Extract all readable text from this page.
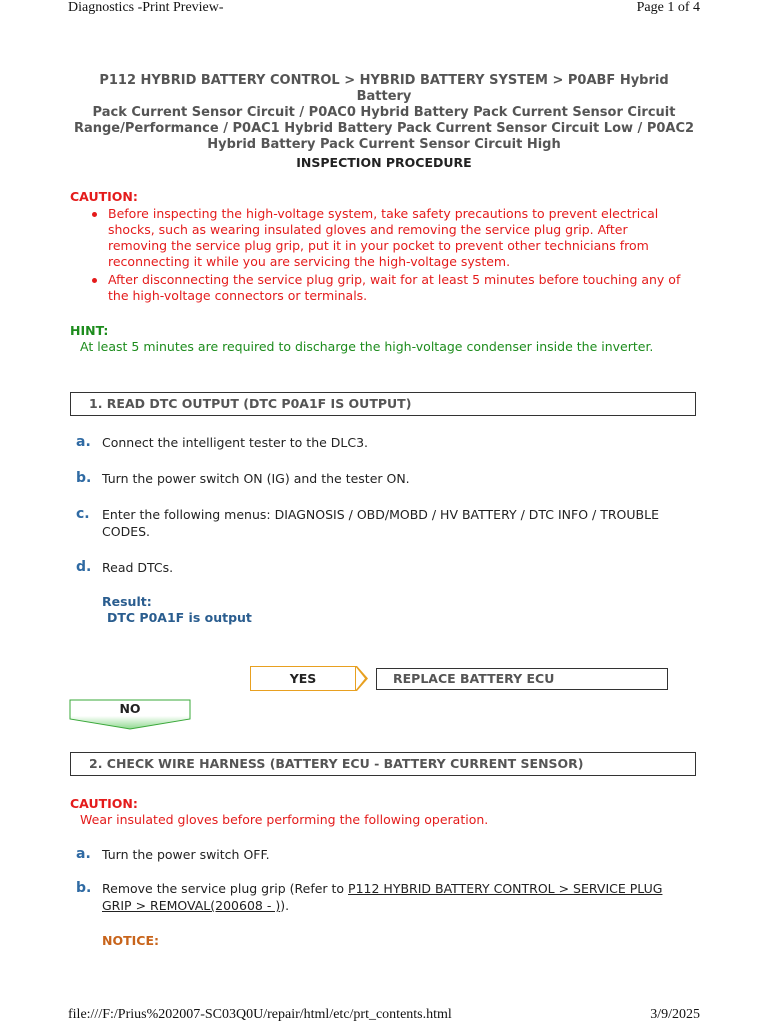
Diagnostics -Print Preview-	Page 1 of 4
P112 HYBRID BATTERY CONTROL > HYBRID BATTERY SYSTEM > P0ABF Hybrid Battery
Pack Current Sensor Circuit / P0AC0 Hybrid Battery Pack Current Sensor Circuit
Range/Performance / P0AC1 Hybrid Battery Pack Current Sensor Circuit Low / P0AC2
Hybrid Battery Pack Current Sensor Circuit High
INSPECTION PROCEDURE
CAUTION:
Before inspecting the high-voltage system, take safety precautions to prevent electrical shocks, such as wearing insulated gloves and removing the service plug grip. After removing the service plug grip, put it in your pocket to prevent other technicians from reconnecting it while you are servicing the high-voltage system.
After disconnecting the service plug grip, wait for at least 5 minutes before touching any of the high-voltage connectors or terminals.
HINT:
At least 5 minutes are required to discharge the high-voltage condenser inside the inverter.
1. READ DTC OUTPUT (DTC P0A1F IS OUTPUT)
a. Connect the intelligent tester to the DLC3.
b. Turn the power switch ON (IG) and the tester ON.
c. Enter the following menus: DIAGNOSIS / OBD/MOBD / HV BATTERY / DTC INFO / TROUBLE CODES.
d. Read DTCs.
Result:
DTC P0A1F is output
YES	REPLACE BATTERY ECU
NO
2. CHECK WIRE HARNESS (BATTERY ECU - BATTERY CURRENT SENSOR)
CAUTION:
Wear insulated gloves before performing the following operation.
a. Turn the power switch OFF.
b. Remove the service plug grip (Refer to P112 HYBRID BATTERY CONTROL > SERVICE PLUG GRIP > REMOVAL(200608 - )).
NOTICE:
file:///F:/Prius%202007-SC03Q0U/repair/html/etc/prt_contents.html	3/9/2025
